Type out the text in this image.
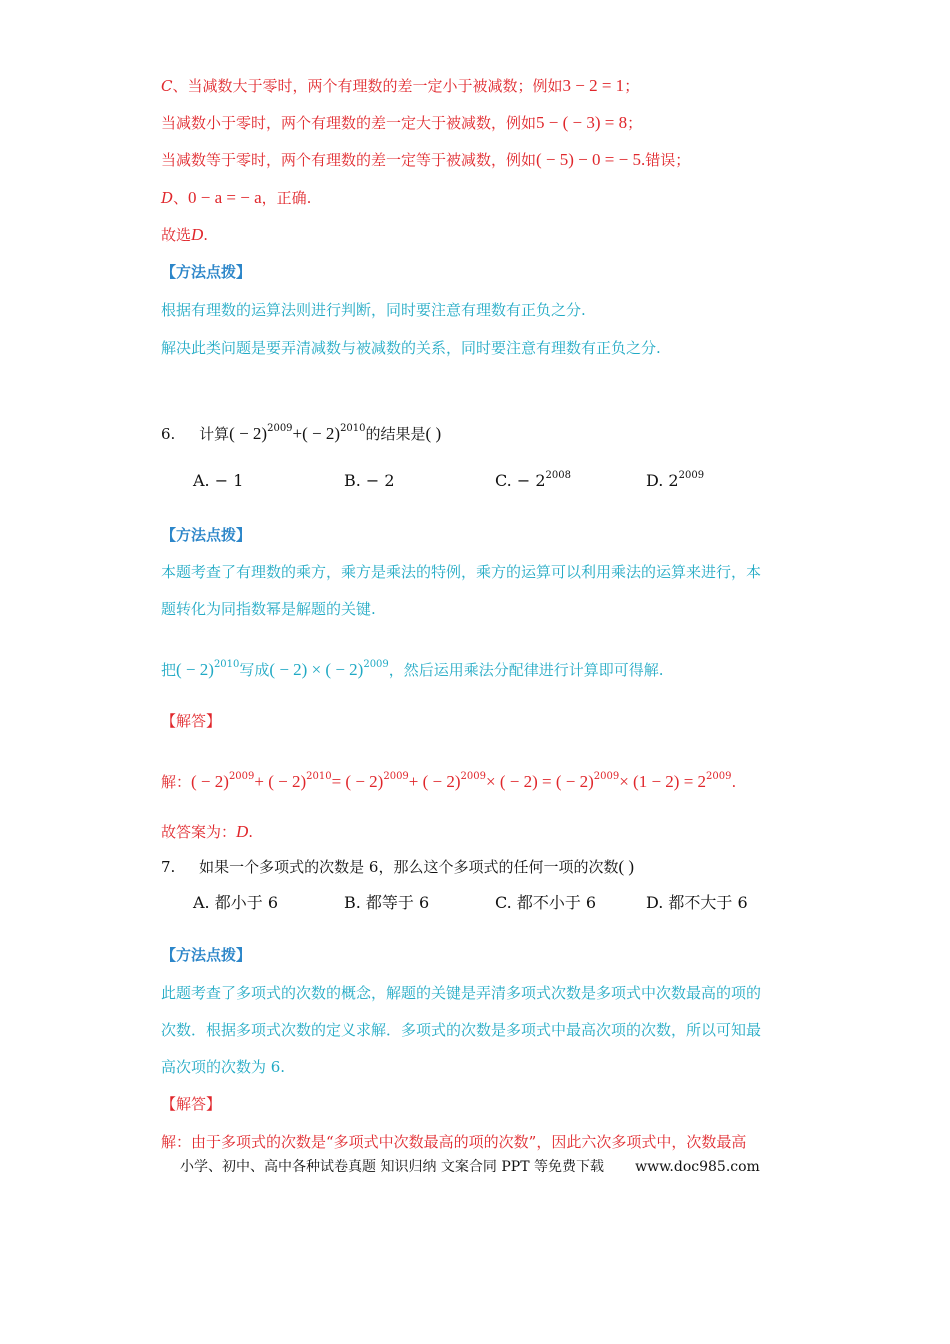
C、当减数大于零时，两个有理数的差一定小于被减数；例如3 − 2 = 1；
当减数小于零时，两个有理数的差一定大于被减数，例如5 − ( − 3) = 8；
当减数等于零时，两个有理数的差一定等于被减数，例如( − 5) − 0 = − 5.错误；
D、0 − a = − a，正确.
故选D.
【方法点拨】
根据有理数的运算法则进行判断，同时要注意有理数有正负之分.
解决此类问题是要弄清减数与被减数的关系，同时要注意有理数有正负之分.
6. 计算( − $2)^{2009}+( - 2)^{2010}$的结果是( )
A. − 1	B. − 2	C. − $2^{2008}$	D. $2^{2009}$
【方法点拨】
本题考查了有理数的乘方，乘方是乘法的特例，乘方的运算可以利用乘法的运算来进行，本
题转化为同指数幂是解题的关键.
把( − 2)$^{2010}$写成( − 2) × ( − 2)$^{2009}$，然后运用乘法分配律进行计算即可得解.
【解答】
解：( − 2)$^{2009}$+ ( − 2)$^{2010}$= ( − 2)$^{2009}$+ ( − 2)$^{2009}$× ( − 2) = ( − $2)^{2009}\times (1 - 2) = 2^{2009}$.
故答案为：D.
7. 如果一个多项式的次数是 6，那么这个多项式的任何一项的次数( )
A. 都小于 6	B. 都等于 6	C. 都不小于 6	D. 都不大于 6
【方法点拨】
此题考查了多项式的次数的概念，解题的关键是弄清多项式次数是多项式中次数最高的项的
次数．根据多项式次数的定义求解．多项式的次数是多项式中最高次项的次数，所以可知最
高次项的次数为 6.
【解答】
解：由于多项式的次数是“多项式中次数最高的项的次数”，因此六次多项式中，次数最高
小学、初中、高中各种试卷真题 知识归纳 文案合同 PPT 等免费下载 www.doc985.com
